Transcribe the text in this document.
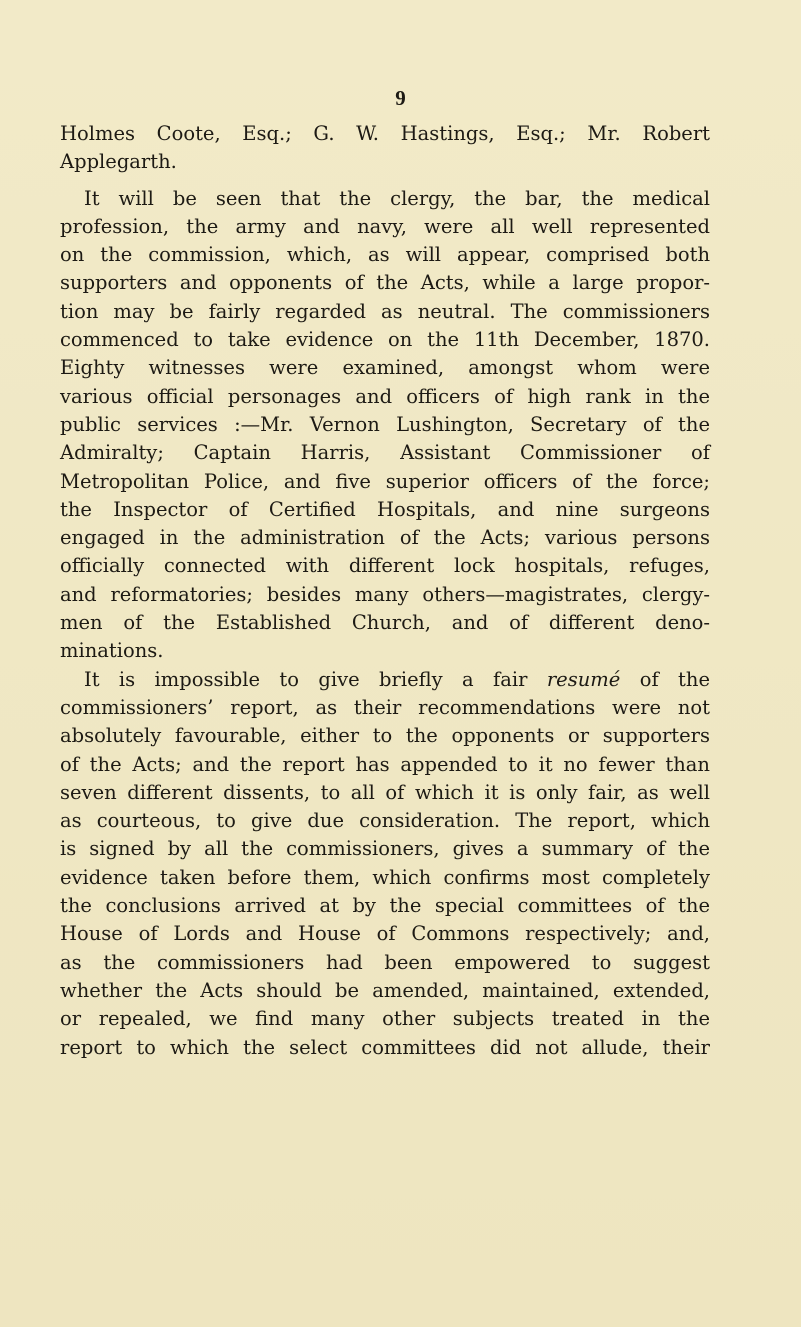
9
Holmes Coote, Esq.; G. W. Hastings, Esq.; Mr. Robert
Applegarth.
It will be seen that the clergy, the bar, the medical
profession, the army and navy, were all well represented
on the commission, which, as will appear, comprised both
supporters and opponents of the Acts, while a large propor-
tion may be fairly regarded as neutral. The commissioners
commenced to take evidence on the 11th December, 1870.
Eighty witnesses were examined, amongst whom were
various official personages and officers of high rank in the
public services :—Mr. Vernon Lushington, Secretary of the
Admiralty; Captain Harris, Assistant Commissioner of
Metropolitan Police, and five superior officers of the force;
the Inspector of Certified Hospitals, and nine surgeons
engaged in the administration of the Acts; various persons
officially connected with different lock hospitals, refuges,
and reformatories; besides many others—magistrates, clergy-
men of the Established Church, and of different deno-
minations.
It is impossible to give briefly a fair resumé of the
commissioners’ report, as their recommendations were not
absolutely favourable, either to the opponents or supporters
of the Acts; and the report has appended to it no fewer than
seven different dissents, to all of which it is only fair, as well
as courteous, to give due consideration. The report, which
is signed by all the commissioners, gives a summary of the
evidence taken before them, which confirms most completely
the conclusions arrived at by the special committees of the
House of Lords and House of Commons respectively; and,
as the commissioners had been empowered to suggest
whether the Acts should be amended, maintained, extended,
or repealed, we find many other subjects treated in the
report to which the select committees did not allude, their
